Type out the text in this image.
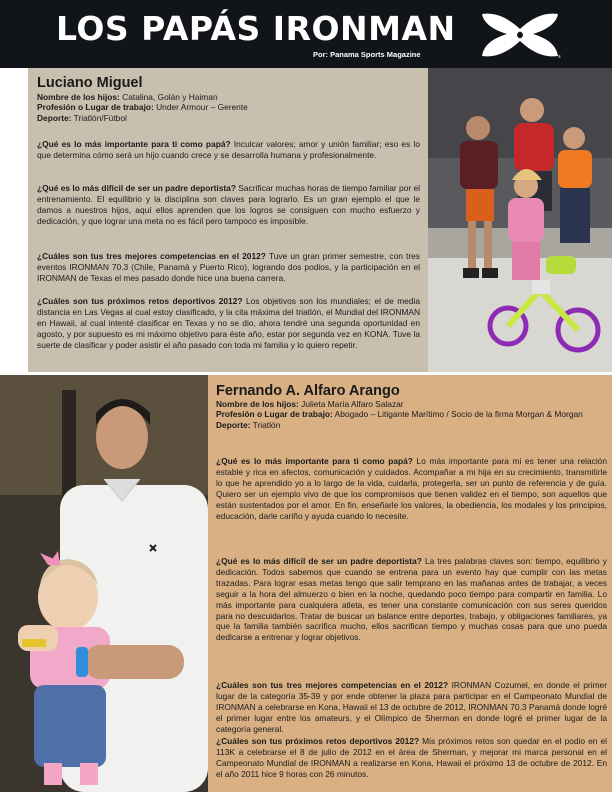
LOS PAPÁS IRONMAN
Por: Panama Sports Magazine	®
Luciano Miguel
Nombre de los hijos: Catalina, Golán y Haiman
Profesión o Lugar de trabajo: Under Armour – Gerente
Deporte: Triatlón/Fútbol

¿Qué es lo más importante para ti como papá? Inculcar valores; amor y unión familiar; eso es lo que determina cómo será un hijo cuando crece y se desarrolla humana y profesionalmente.

¿Qué es lo más difícil de ser un padre deportista? Sacrificar muchas horas de tiempo familiar por el entrenamiento. El equilibrio y la disciplina son claves para lograrlo. Es un gran ejemplo el que le damos a nuestros hijos, aquí ellos aprenden que los logros se consiguen con mucho esfuerzo y dedicación, y que lograr una meta no es fácil pero tampoco es imposible.

¿Cuáles son tus tres mejores competencias en el 2012? Tuve un gran primer semestre, con tres eventos IRONMAN 70.3 (Chile, Panamá y Puerto Rico), logrando dos podios, y la participación en el IRONMAN de Texas el mes pasado donde hice una buena carrera.

¿Cuáles son tus próximos retos deportivos 2012? Los objetivos son los mundiales; el de media distancia en Las Vegas al cual estoy clasificado, y la cita máxima del triatlón, el Mundial del IRONMAN en Hawaii, al cual intenté clasificar en Texas y no se dio, ahora tendré una segunda oportunidad en agosto, y por supuesto es mi máximo objetivo para éste año, estar por segunda vez en KONA. Tuve la suerte de clasificar y poder asistir el año pasado con toda mi familia y lo quiero repetir.

Fernando A. Alfaro Arango
Nombre de los hijos: Julieta María Alfaro Salazar
Profesión o Lugar de trabajo: Abogado – Litigante Marítimo / Socio de la firma Morgan & Morgan
Deporte: Triatlón

¿Qué es lo más importante para ti como papá? Lo más importante para mi es tener una relación estable y rica en afectos, comunicación y cuidados. Acompañar a mi hija en su crecimiento, transmitirle lo que he aprendido yo a lo largo de la vida, cuidarla, protegerla, ser un punto de referencia y de guía. Quiero ser un ejemplo vivo de que los compromisos que tienen validez en el tiempo, son aquellos que están sustentados por el amor. En fin, enseñarle los valores, la obediencia, los modales y los principios, educación, darle cariño y ayuda cuando lo necesite.

¿Qué es lo más difícil de ser un padre deportista? La tres palabras claves son: tiempo, equilibrio y dedicación. Todos sabemos que cuando se entrena para un evento hay que cumplir con las metas trazadas. Para lograr esas metas tengo que salir temprano en las mañanas antes de trabajar, a veces seguir a la hora del almuerzo o bien en la noche, quedando poco tiempo para compartir en familia. Lo más importante para cualquiera atleta, es tener una constante comunicación con sus seres queridos para no descuidarlos. Tratar de buscar un balance entre deportes, trabajo, y obligaciones familiares, ya que la familia también sacrifica mucho, ellos sacrifican tiempo y muchas cosas para que uno pueda dedicarse a entrenar y lograr objetivos.

¿Cuáles son tus tres mejores competencias en el 2012? IRONMAN Cozumel, en donde el primer lugar de la categoría 35-39 y por ende obtener la plaza para participar en el Campeonato Mundial de IRONMAN a celebrarse en Kona, Hawaii el 13 de octubre de 2012, IRONMAN 70.3 Panamá donde logré el primer lugar entre los amateurs, y el Olímpico de Sherman en donde logré el primer lugar de la categoría general.

¿Cuáles son tus próximos retos deportivos 2012? Mis próximos retos son quedar en el podio en el 113K a celebrarse el 8 de julio de 2012 en el área de Sherman, y mejorar mi marca personal en el Campeonato Mundial de IRONMAN a realizarse en Kona, Hawaii el próximo 13 de octubre de 2012. En el año 2011 hice 9 horas con 26 minutos.
